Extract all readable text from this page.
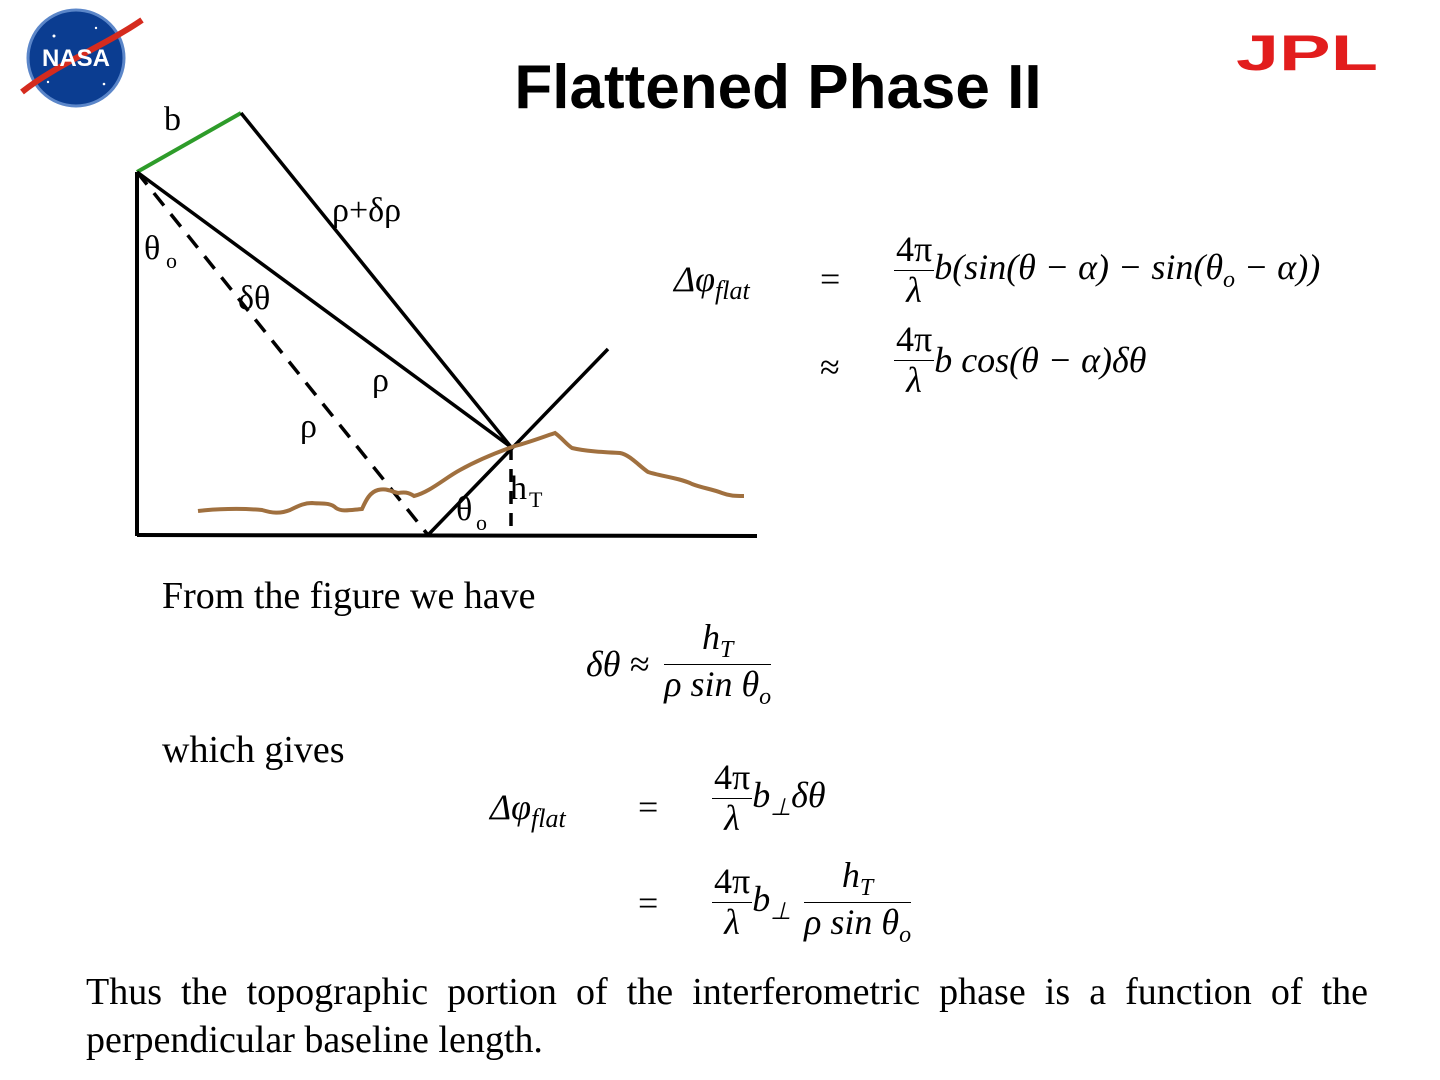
NASA	JPL
Flattened Phase II
b
ρ+δρ
θ o
δθ
ρ
ρ
h T
θ o
$\Delta\varphi_{flat} = \frac{4\pi}{\lambda} b(\sin(\theta - \alpha) - \sin(\theta_o - \alpha))$
≈ $\frac{4\pi}{\lambda}$ b cos(θ − α)δθ
From the figure we have
$\delta\theta \approx \frac{h_T}{\rho \sin \theta_o}$
which gives
$\Delta\varphi_{flat} = \frac{4\pi}{\lambda} b_\perp\delta\theta$
= $\frac{4\pi}{\lambda} b_\perp \frac{h_T}{\rho \sin \theta_o}$
Thus the topographic portion of the interferometric phase is a function of the perpendicular baseline length.
